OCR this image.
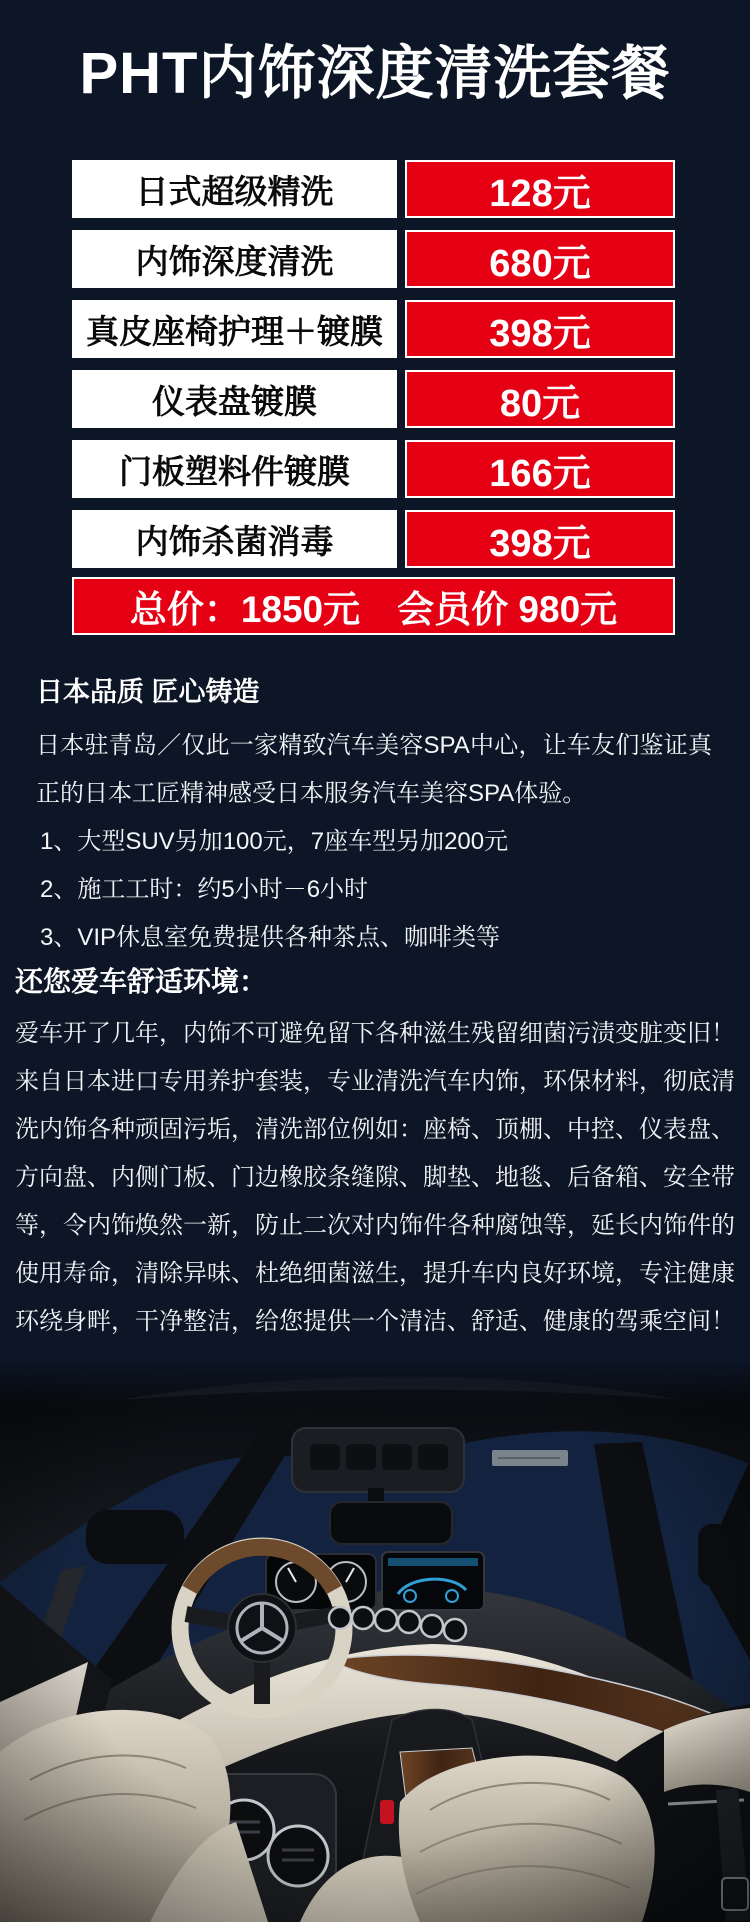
PHT内饰深度清洗套餐
日式超级精洗	128元
内饰深度清洗	680元
真皮座椅护理＋镀膜	398元
仪表盘镀膜	80元
门板塑料件镀膜	166元
内饰杀菌消毒	398元
总价：1850元　会员价 980元
日本品质 匠心铸造
日本驻青岛／仅此一家精致汽车美容SPA中心，让车友们鉴证真正的日本工匠精神感受日本服务汽车美容SPA体验。
1、大型SUV另加100元，7座车型另加200元
2、施工工时：约5小时－6小时
3、VIP休息室免费提供各种茶点、咖啡类等
还您爱车舒适环境：
爱车开了几年，内饰不可避免留下各种滋生残留细菌污渍变脏变旧！来自日本进口专用养护套装，专业清洗汽车内饰，环保材料，彻底清洗内饰各种顽固污垢，清洗部位例如：座椅、顶棚、中控、仪表盘、方向盘、内侧门板、门边橡胶条缝隙、脚垫、地毯、后备箱、安全带等，令内饰焕然一新，防止二次对内饰件各种腐蚀等，延长内饰件的使用寿命，清除异味、杜绝细菌滋生，提升车内良好环境，专注健康环绕身畔，干净整洁，给您提供一个清洁、舒适、健康的驾乘空间！
